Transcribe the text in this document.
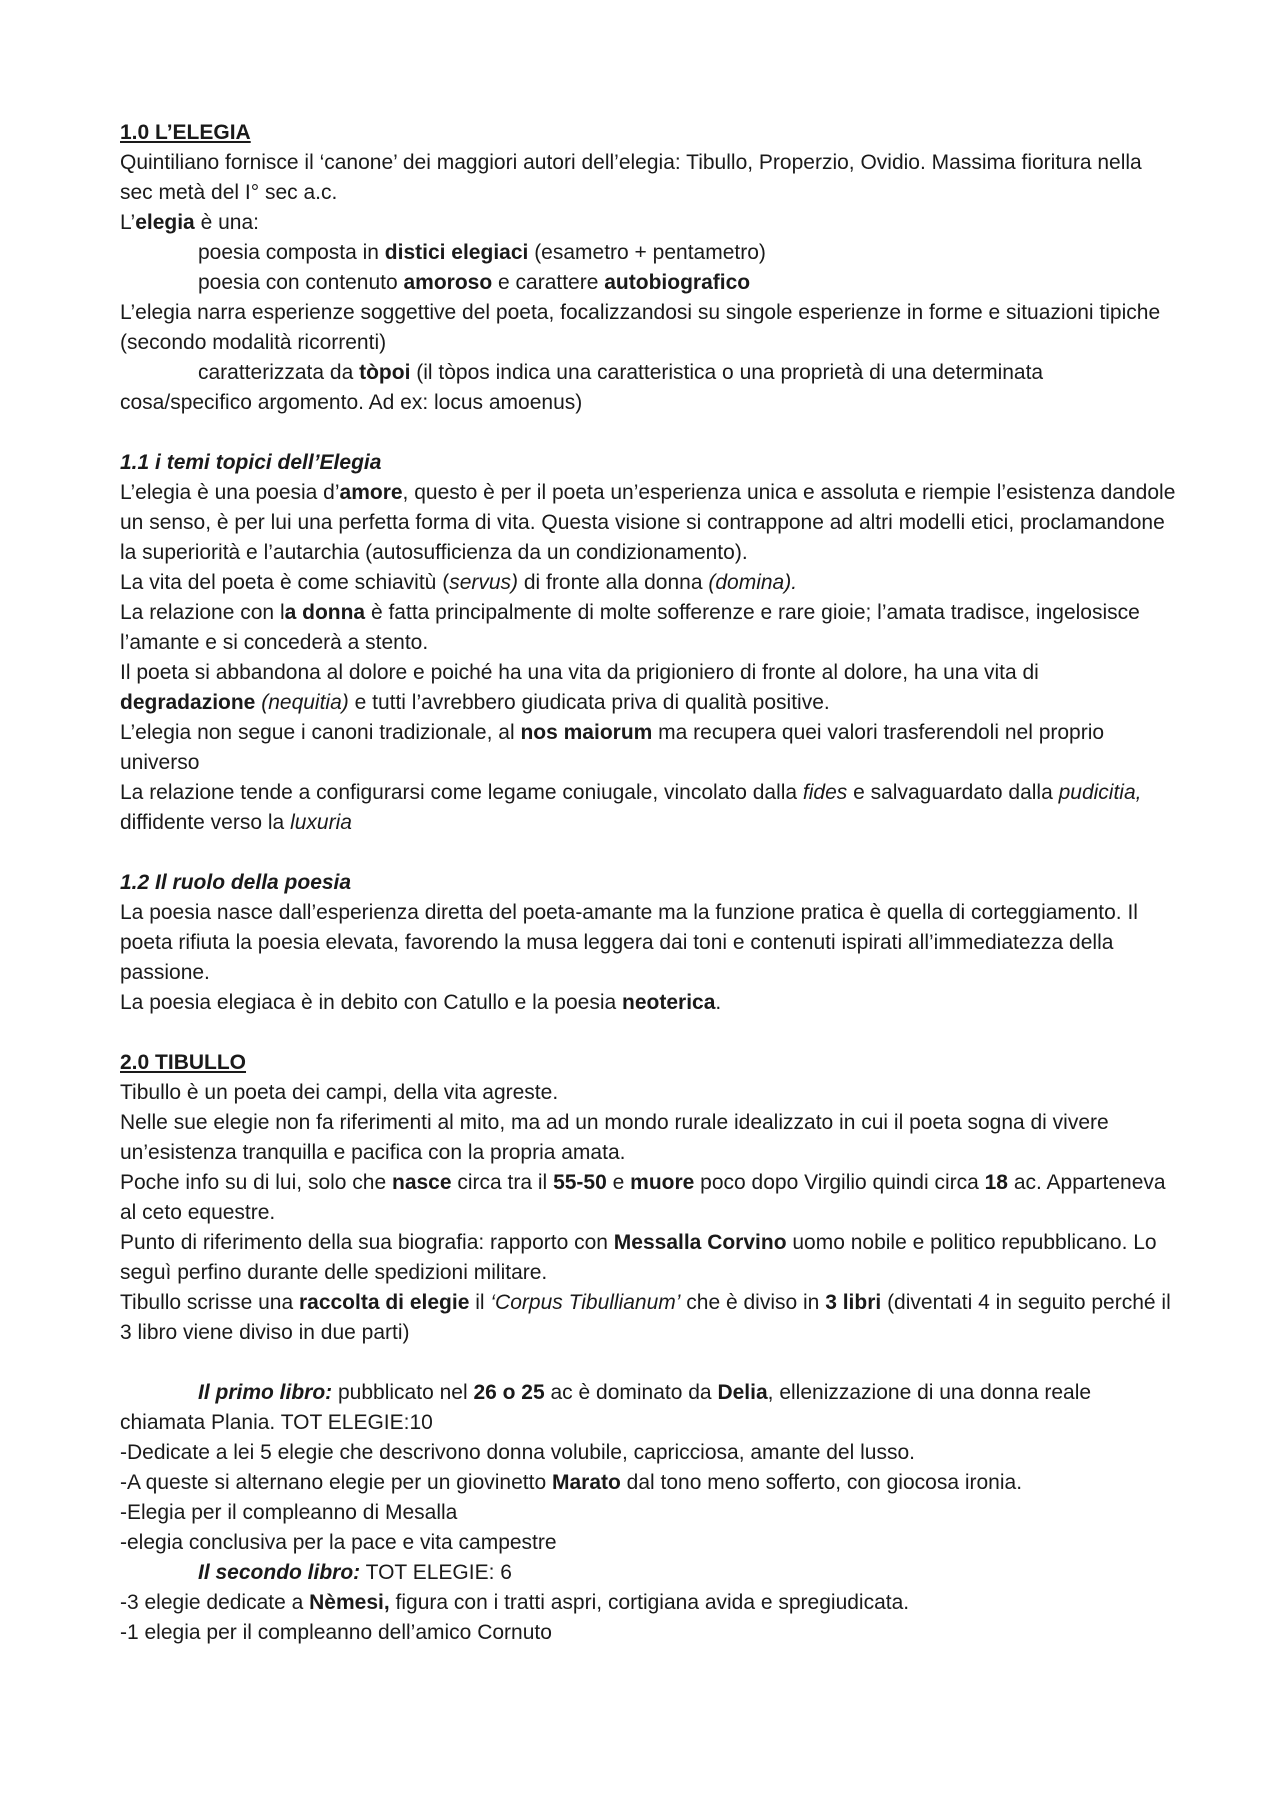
1.0 L’ELEGIA

Quintiliano fornisce il ‘canone’ dei maggiori autori dell’elegia: Tibullo, Properzio, Ovidio. Massima fioritura nella sec metà del I° sec a.c.

L’elegia è una:

poesia composta in distici elegiaci (esametro + pentametro)

poesia con contenuto amoroso e carattere autobiografico

L’elegia narra esperienze soggettive del poeta, focalizzandosi su singole esperienze in forme e situazioni tipiche (secondo modalità ricorrenti)

caratterizzata da tòpoi (il tòpos indica una caratteristica o una proprietà di una determinata cosa/specifico argomento. Ad ex: locus amoenus)

1.1 i temi topici dell’Elegia

L’elegia è una poesia d’amore, questo è per il poeta un’esperienza unica e assoluta e riempie l’esistenza dandole un senso, è per lui una perfetta forma di vita. Questa visione si contrappone ad altri modelli etici, proclamandone la superiorità e l’autarchia (autosufficienza da un condizionamento).

La vita del poeta è come schiavitù (servus) di fronte alla donna (domina).

La relazione con la donna è fatta principalmente di molte sofferenze e rare gioie; l’amata tradisce, ingelosisce l’amante e si concederà a stento.

Il poeta si abbandona al dolore e poiché ha una vita da prigioniero di fronte al dolore, ha una vita di degradazione (nequitia) e tutti l’avrebbero giudicata priva di qualità positive.

L’elegia non segue i canoni tradizionale, al nos maiorum ma recupera quei valori trasferendoli nel proprio universo

La relazione tende a configurarsi come legame coniugale, vincolato dalla fides e salvaguardato dalla pudicitia, diffidente verso la luxuria

1.2 Il ruolo della poesia

La poesia nasce dall’esperienza diretta del poeta-amante ma la funzione pratica è quella di corteggiamento. Il poeta rifiuta la poesia elevata, favorendo la musa leggera dai toni e contenuti ispirati all’immediatezza della passione.

La poesia elegiaca è in debito con Catullo e la poesia neoterica.

2.0 TIBULLO

Tibullo è un poeta dei campi, della vita agreste.

Nelle sue elegie non fa riferimenti al mito, ma ad un mondo rurale idealizzato in cui il poeta sogna di vivere un’esistenza tranquilla e pacifica con la propria amata.

Poche info su di lui, solo che nasce circa tra il 55-50 e muore poco dopo Virgilio quindi circa 18 ac. Apparteneva al ceto equestre.

Punto di riferimento della sua biografia: rapporto con Messalla Corvino uomo nobile e politico repubblicano. Lo seguì perfino durante delle spedizioni militare.

Tibullo scrisse una raccolta di elegie il ‘Corpus Tibullianum’ che è diviso in 3 libri (diventati 4 in seguito perché il 3 libro viene diviso in due parti)

Il primo libro: pubblicato nel 26 o 25 ac è dominato da Delia, ellenizzazione di una donna reale chiamata Plania. TOT ELEGIE:10

-Dedicate a lei 5 elegie che descrivono donna volubile, capricciosa, amante del lusso.

-A queste si alternano elegie per un giovinetto Marato dal tono meno sofferto, con giocosa ironia.

-Elegia per il compleanno di Mesalla

-elegia conclusiva per la pace e vita campestre

Il secondo libro: TOT ELEGIE: 6

-3 elegie dedicate a Nèmesi, figura con i tratti aspri, cortigiana avida e spregiudicata.

-1 elegia per il compleanno dell’amico Cornuto
